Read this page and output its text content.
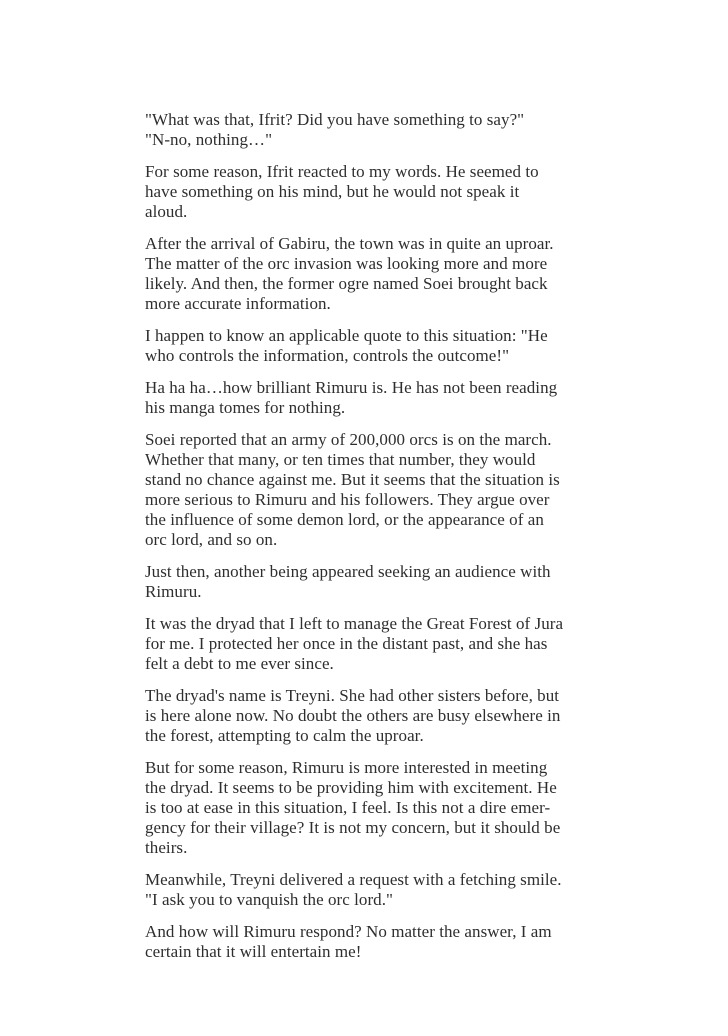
"What was that, Ifrit? Did you have something to say?"
"N-no, nothing…"

For some reason, Ifrit reacted to my words. He seemed to
have something on his mind, but he would not speak it
aloud.

After the arrival of Gabiru, the town was in quite an uproar.
The matter of the orc invasion was looking more and more
likely. And then, the former ogre named Soei brought back
more accurate information.

I happen to know an applicable quote to this situation: "He
who controls the information, controls the outcome!"

Ha ha ha…how brilliant Rimuru is. He has not been reading
his manga tomes for nothing.

Soei reported that an army of 200,000 orcs is on the march.
Whether that many, or ten times that number, they would
stand no chance against me. But it seems that the situation is
more serious to Rimuru and his followers. They argue over
the influence of some demon lord, or the appearance of an
orc lord, and so on.

Just then, another being appeared seeking an audience with
Rimuru.

It was the dryad that I left to manage the Great Forest of Jura
for me. I protected her once in the distant past, and she has
felt a debt to me ever since.

The dryad's name is Treyni. She had other sisters before, but
is here alone now. No doubt the others are busy elsewhere in
the forest, attempting to calm the uproar.

But for some reason, Rimuru is more interested in meeting
the dryad. It seems to be providing him with excitement. He
is too at ease in this situation, I feel. Is this not a dire emer-
gency for their village? It is not my concern, but it should be
theirs.

Meanwhile, Treyni delivered a request with a fetching smile.
"I ask you to vanquish the orc lord."

And how will Rimuru respond? No matter the answer, I am
certain that it will entertain me!
